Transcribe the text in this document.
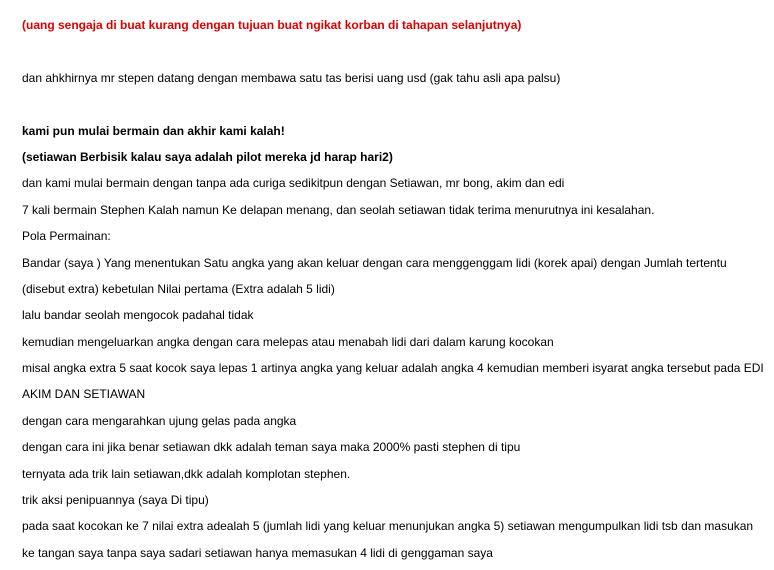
(uang sengaja di buat kurang dengan tujuan buat ngikat korban di tahapan selanjutnya)
dan ahkhirnya mr stepen datang dengan membawa satu tas berisi uang usd (gak tahu asli apa palsu)
kami pun mulai bermain dan akhir kami kalah!
(setiawan Berbisik kalau saya adalah pilot mereka jd harap hari2)
dan kami mulai bermain dengan tanpa ada curiga sedikitpun dengan Setiawan, mr bong, akim dan edi
7 kali bermain Stephen Kalah namun Ke delapan menang, dan seolah setiawan tidak terima menurutnya ini kesalahan.
Pola Permainan:
Bandar (saya ) Yang menentukan Satu angka yang akan keluar dengan cara menggenggam lidi (korek apai) dengan Jumlah tertentu
(disebut extra) kebetulan Nilai pertama (Extra adalah 5 lidi)
lalu bandar seolah mengocok padahal tidak
kemudian mengeluarkan angka dengan cara melepas atau menabah lidi dari dalam karung kocokan
misal angka extra 5 saat kocok saya lepas 1 artinya angka yang keluar adalah angka 4 kemudian memberi isyarat angka tersebut pada EDI
AKIM DAN SETIAWAN
dengan cara mengarahkan ujung gelas pada angka
dengan cara ini jika benar setiawan dkk adalah teman saya maka 2000% pasti stephen di tipu
ternyata ada trik lain setiawan,dkk adalah komplotan stephen.
trik aksi penipuannya (saya Di tipu)
pada saat kocokan ke 7 nilai extra adealah 5 (jumlah lidi yang keluar menunjukan angka 5) setiawan mengumpulkan lidi tsb dan masukan
ke tangan saya tanpa saya sadari setiawan hanya memasukan 4 lidi di genggaman saya
